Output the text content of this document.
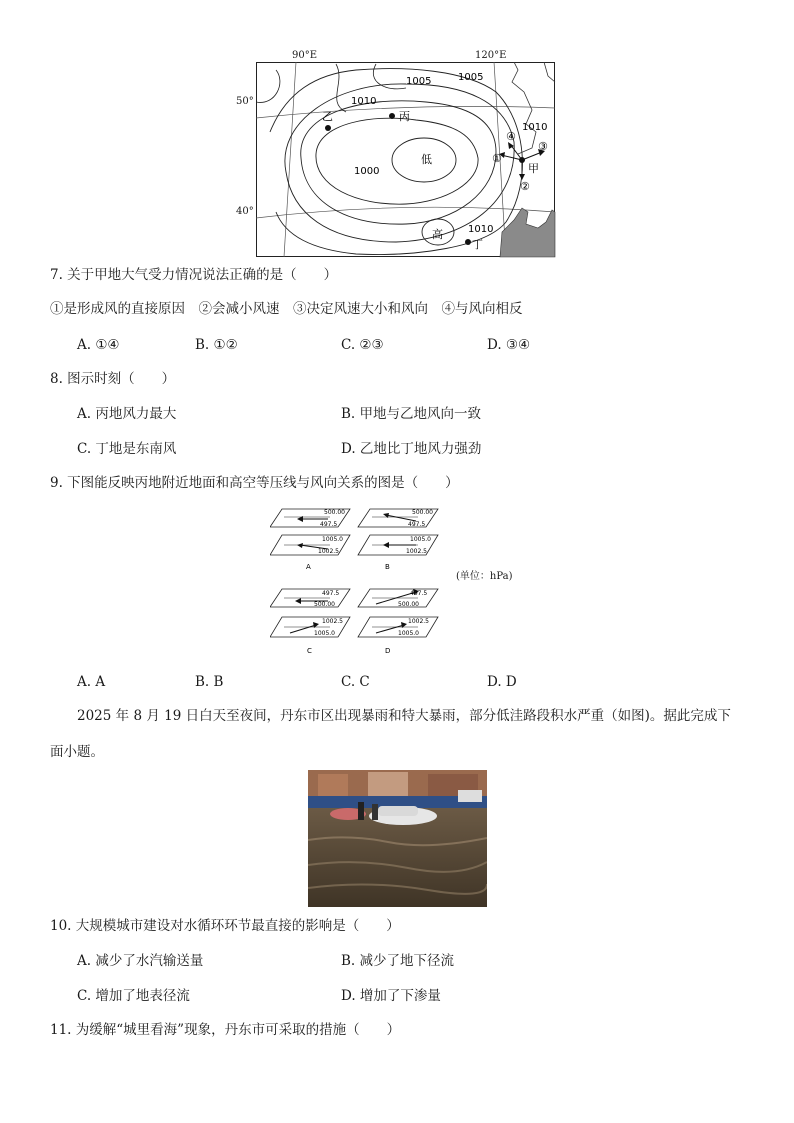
1010
1005	1005
1010
1000
1010
低
高
乙	丙
甲
丁
①
②
③
④
90°E	120°E
50°
40°
7. 关于甲地大气受力情况说法正确的是（　　）
①是形成风的直接原因　②会减小风速　③决定风速大小和风向　④与风向相反
A. ①④	B. ①②	C. ②③	D. ③④
8. 图示时刻（　　）
A. 丙地风力最大	B. 甲地与乙地风向一致
C. 丁地是东南风	D. 乙地比丁地风力强劲
9. 下图能反映丙地附近地面和高空等压线与风向关系的图是（　　）
500.00
497.5
1005.0
1002.5
A
500.00
497.5
1005.0
1002.5
B
497.5
500.00
1002.5
1005.0
C
497.5
500.00
1002.5
1005.0
D
(单位：hPa)
A. A	B. B	C. C	D. D
2025 年 8 月 19 日白天至夜间，丹东市区出现暴雨和特大暴雨，部分低洼路段积水严重（如图)。据此完成下
面小题。
10. 大规模城市建设对水循环环节最直接的影响是（　　）
A. 减少了水汽输送量	B. 减少了地下径流
C. 增加了地表径流	D. 增加了下渗量
11. 为缓解“城里看海”现象，丹东市可采取的措施（　　）
